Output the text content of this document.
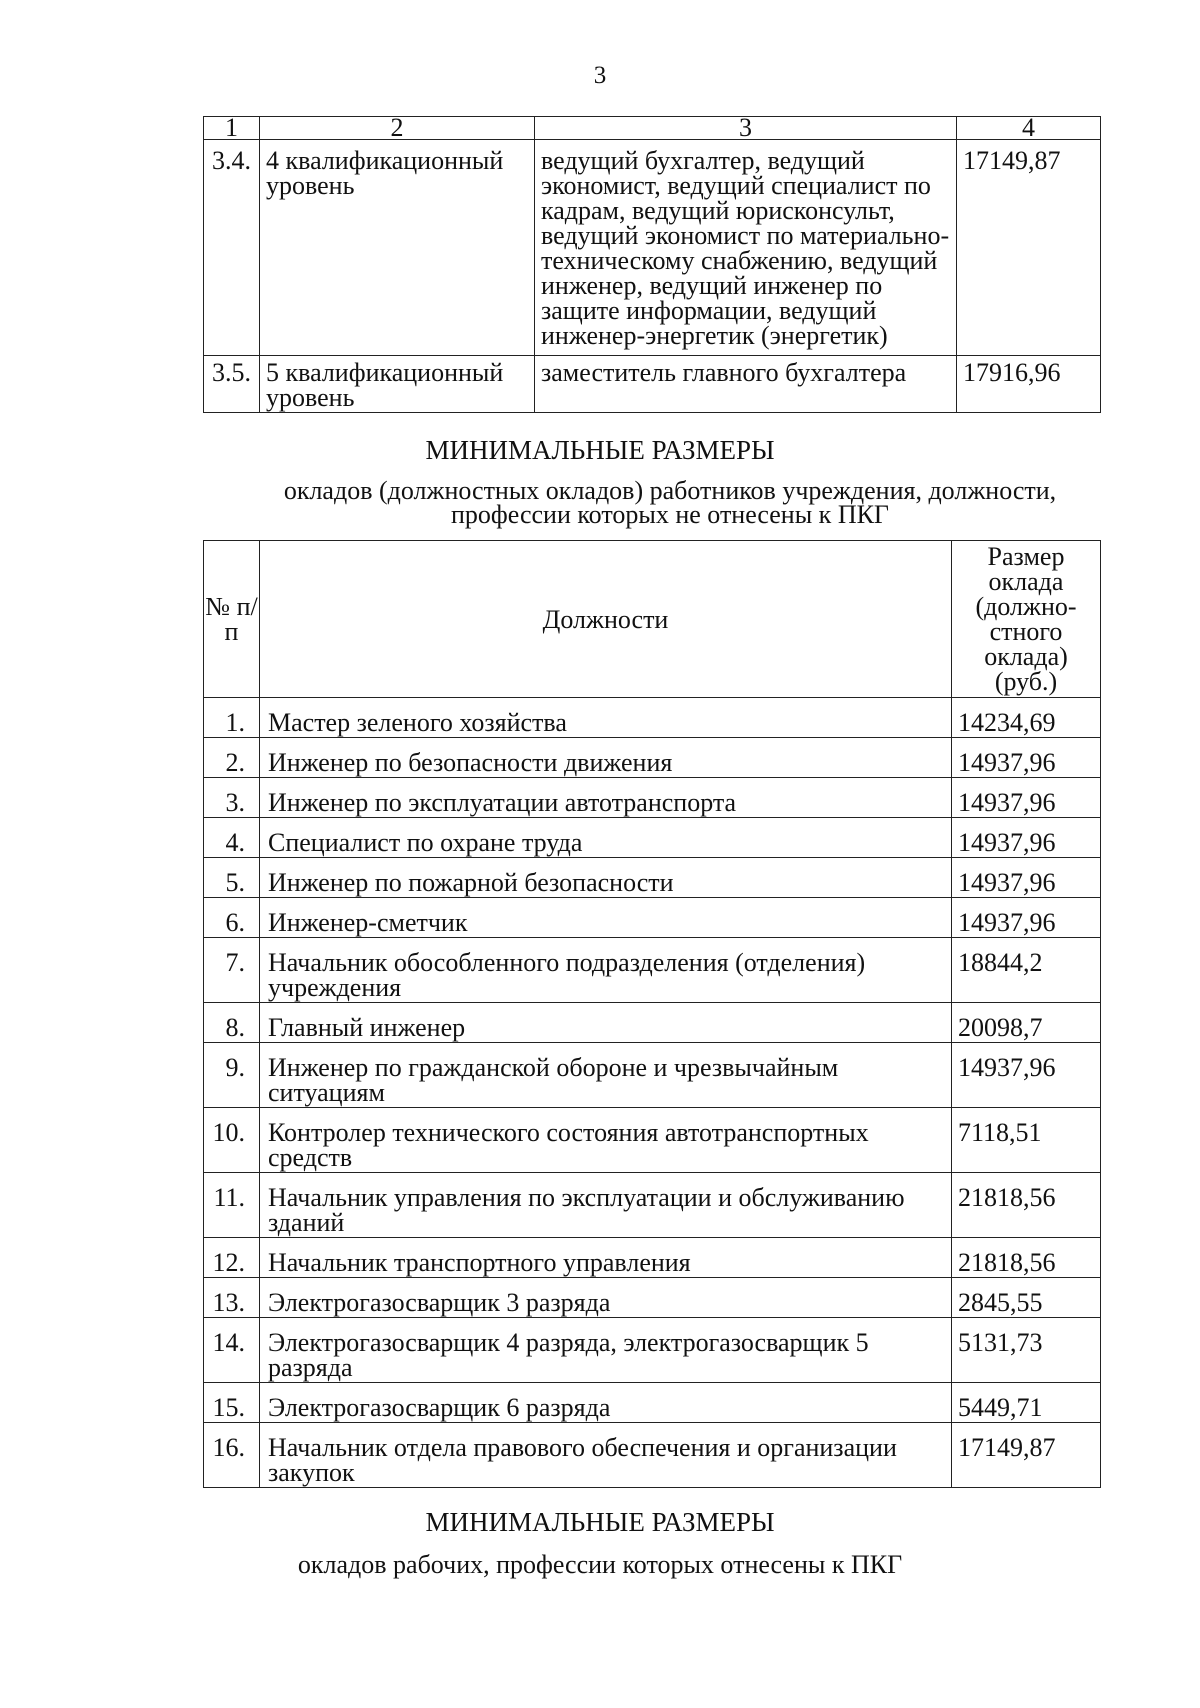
3
1	2	3	4
3.4.	4 квалификационный уровень	ведущий бухгалтер, ведущий экономист, ведущий специалист по кадрам, ведущий юрисконсульт, ведущий экономист по материально-техническому снабжению, ведущий инженер, ведущий инженер по защите информации, ведущий инженер-энергетик (энергетик)	17149,87
3.5.	5 квалификационный уровень	заместитель главного бухгалтера	17916,96
МИНИМАЛЬНЫЕ РАЗМЕРЫ
окладов (должностных окладов) работников учреждения, должности,
профессии которых не отнесены к ПКГ
№ п/п	Должности	Размер оклада (должно-стного оклада) (руб.)
1.	Мастер зеленого хозяйства	14234,69
2.	Инженер по безопасности движения	14937,96
3.	Инженер по эксплуатации автотранспорта	14937,96
4.	Специалист по охране труда	14937,96
5.	Инженер по пожарной безопасности	14937,96
6.	Инженер-сметчик	14937,96
7.	Начальник обособленного подразделения (отделения) учреждения	18844,2
8.	Главный инженер	20098,7
9.	Инженер по гражданской обороне и чрезвычайным ситуациям	14937,96
10.	Контролер технического состояния автотранспортных средств	7118,51
11.	Начальник управления по эксплуатации и обслуживанию зданий	21818,56
12.	Начальник транспортного управления	21818,56
13.	Электрогазосварщик 3 разряда	2845,55
14.	Электрогазосварщик 4 разряда, электрогазосварщик 5 разряда	5131,73
15.	Электрогазосварщик 6 разряда	5449,71
16.	Начальник отдела правового обеспечения и организации закупок	17149,87
МИНИМАЛЬНЫЕ РАЗМЕРЫ
окладов рабочих, профессии которых отнесены к ПКГ
